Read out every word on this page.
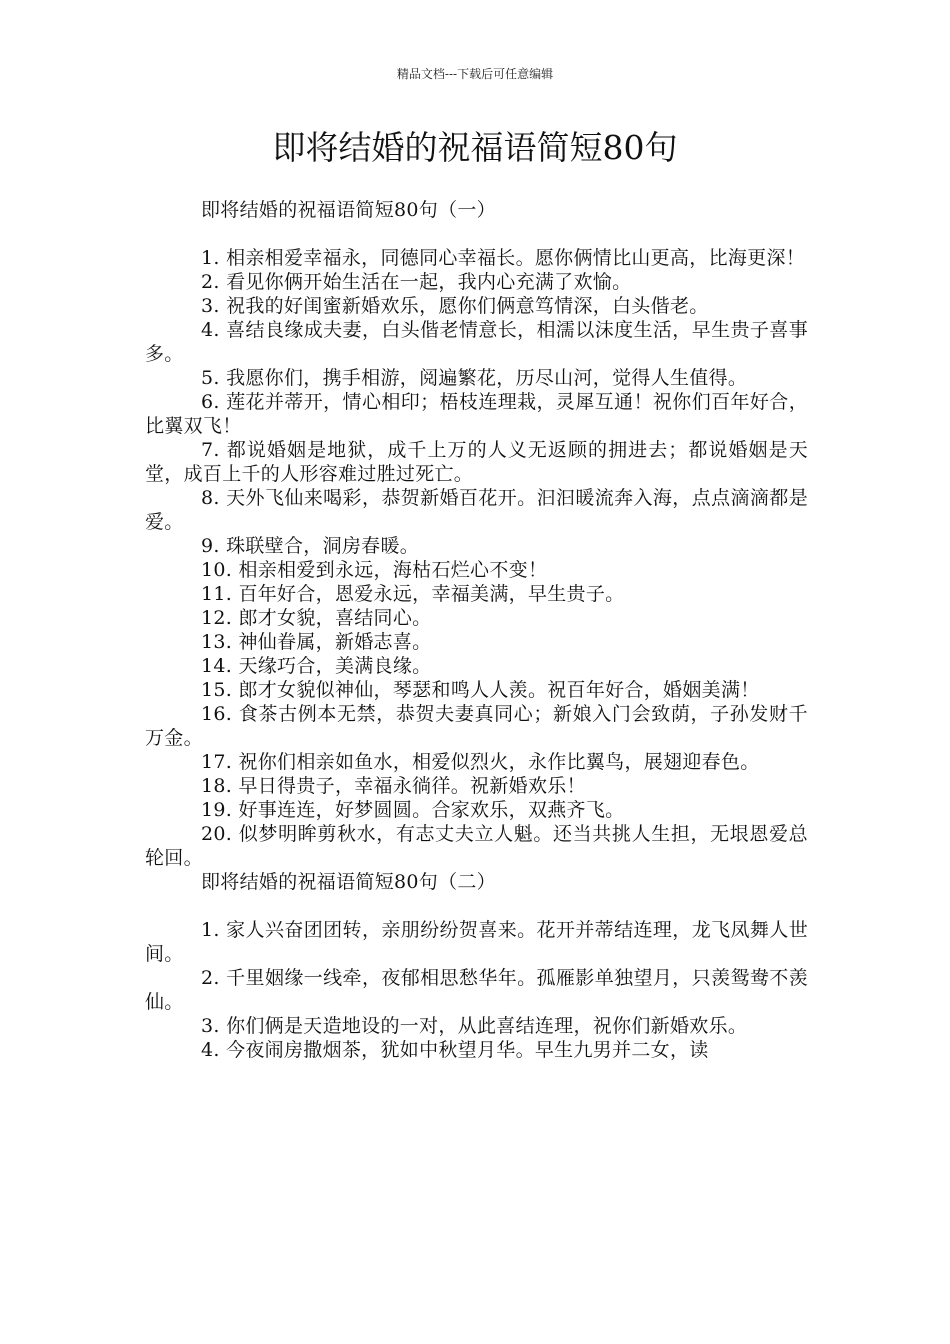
精品文档---下载后可任意编辑
即将结婚的祝福语简短80句

即将结婚的祝福语简短80句（一）

1. 相亲相爱幸福永，同德同心幸福长。愿你俩情比山更高，比海更深！
2. 看见你俩开始生活在一起，我内心充满了欢愉。
3. 祝我的好闺蜜新婚欢乐，愿你们俩意笃情深，白头偕老。
4. 喜结良缘成夫妻，白头偕老情意长，相濡以沫度生活，早生贵子喜事多。
5. 我愿你们，携手相游，阅遍繁花，历尽山河，觉得人生值得。
6. 莲花并蒂开，情心相印；梧枝连理栽，灵犀互通！祝你们百年好合，比翼双飞！
7. 都说婚姻是地狱，成千上万的人义无返顾的拥进去；都说婚姻是天堂，成百上千的人形容难过胜过死亡。
8. 天外飞仙来喝彩，恭贺新婚百花开。汩汩暖流奔入海，点点滴滴都是爱。
9. 珠联壁合，洞房春暖。
10. 相亲相爱到永远，海枯石烂心不变！
11. 百年好合，恩爱永远，幸福美满，早生贵子。
12. 郎才女貌，喜结同心。
13. 神仙眷属，新婚志喜。
14. 天缘巧合，美满良缘。
15. 郎才女貌似神仙，琴瑟和鸣人人羡。祝百年好合，婚姻美满！
16. 食茶古例本无禁，恭贺夫妻真同心；新娘入门会致荫，子孙发财千万金。
17. 祝你们相亲如鱼水，相爱似烈火，永作比翼鸟，展翅迎春色。
18. 早日得贵子，幸福永徜徉。祝新婚欢乐！
19. 好事连连，好梦圆圆。合家欢乐，双燕齐飞。
20. 似梦明眸剪秋水，有志丈夫立人魁。还当共挑人生担，无垠恩爱总轮回。

即将结婚的祝福语简短80句（二）

1. 家人兴奋团团转，亲朋纷纷贺喜来。花开并蒂结连理，龙飞凤舞人世间。
2. 千里姻缘一线牵，夜郁相思愁华年。孤雁影单独望月，只羡鸳鸯不羡仙。
3. 你们俩是天造地设的一对，从此喜结连理，祝你们新婚欢乐。
4. 今夜闹房撒烟茶，犹如中秋望月华。早生九男并二女，读
